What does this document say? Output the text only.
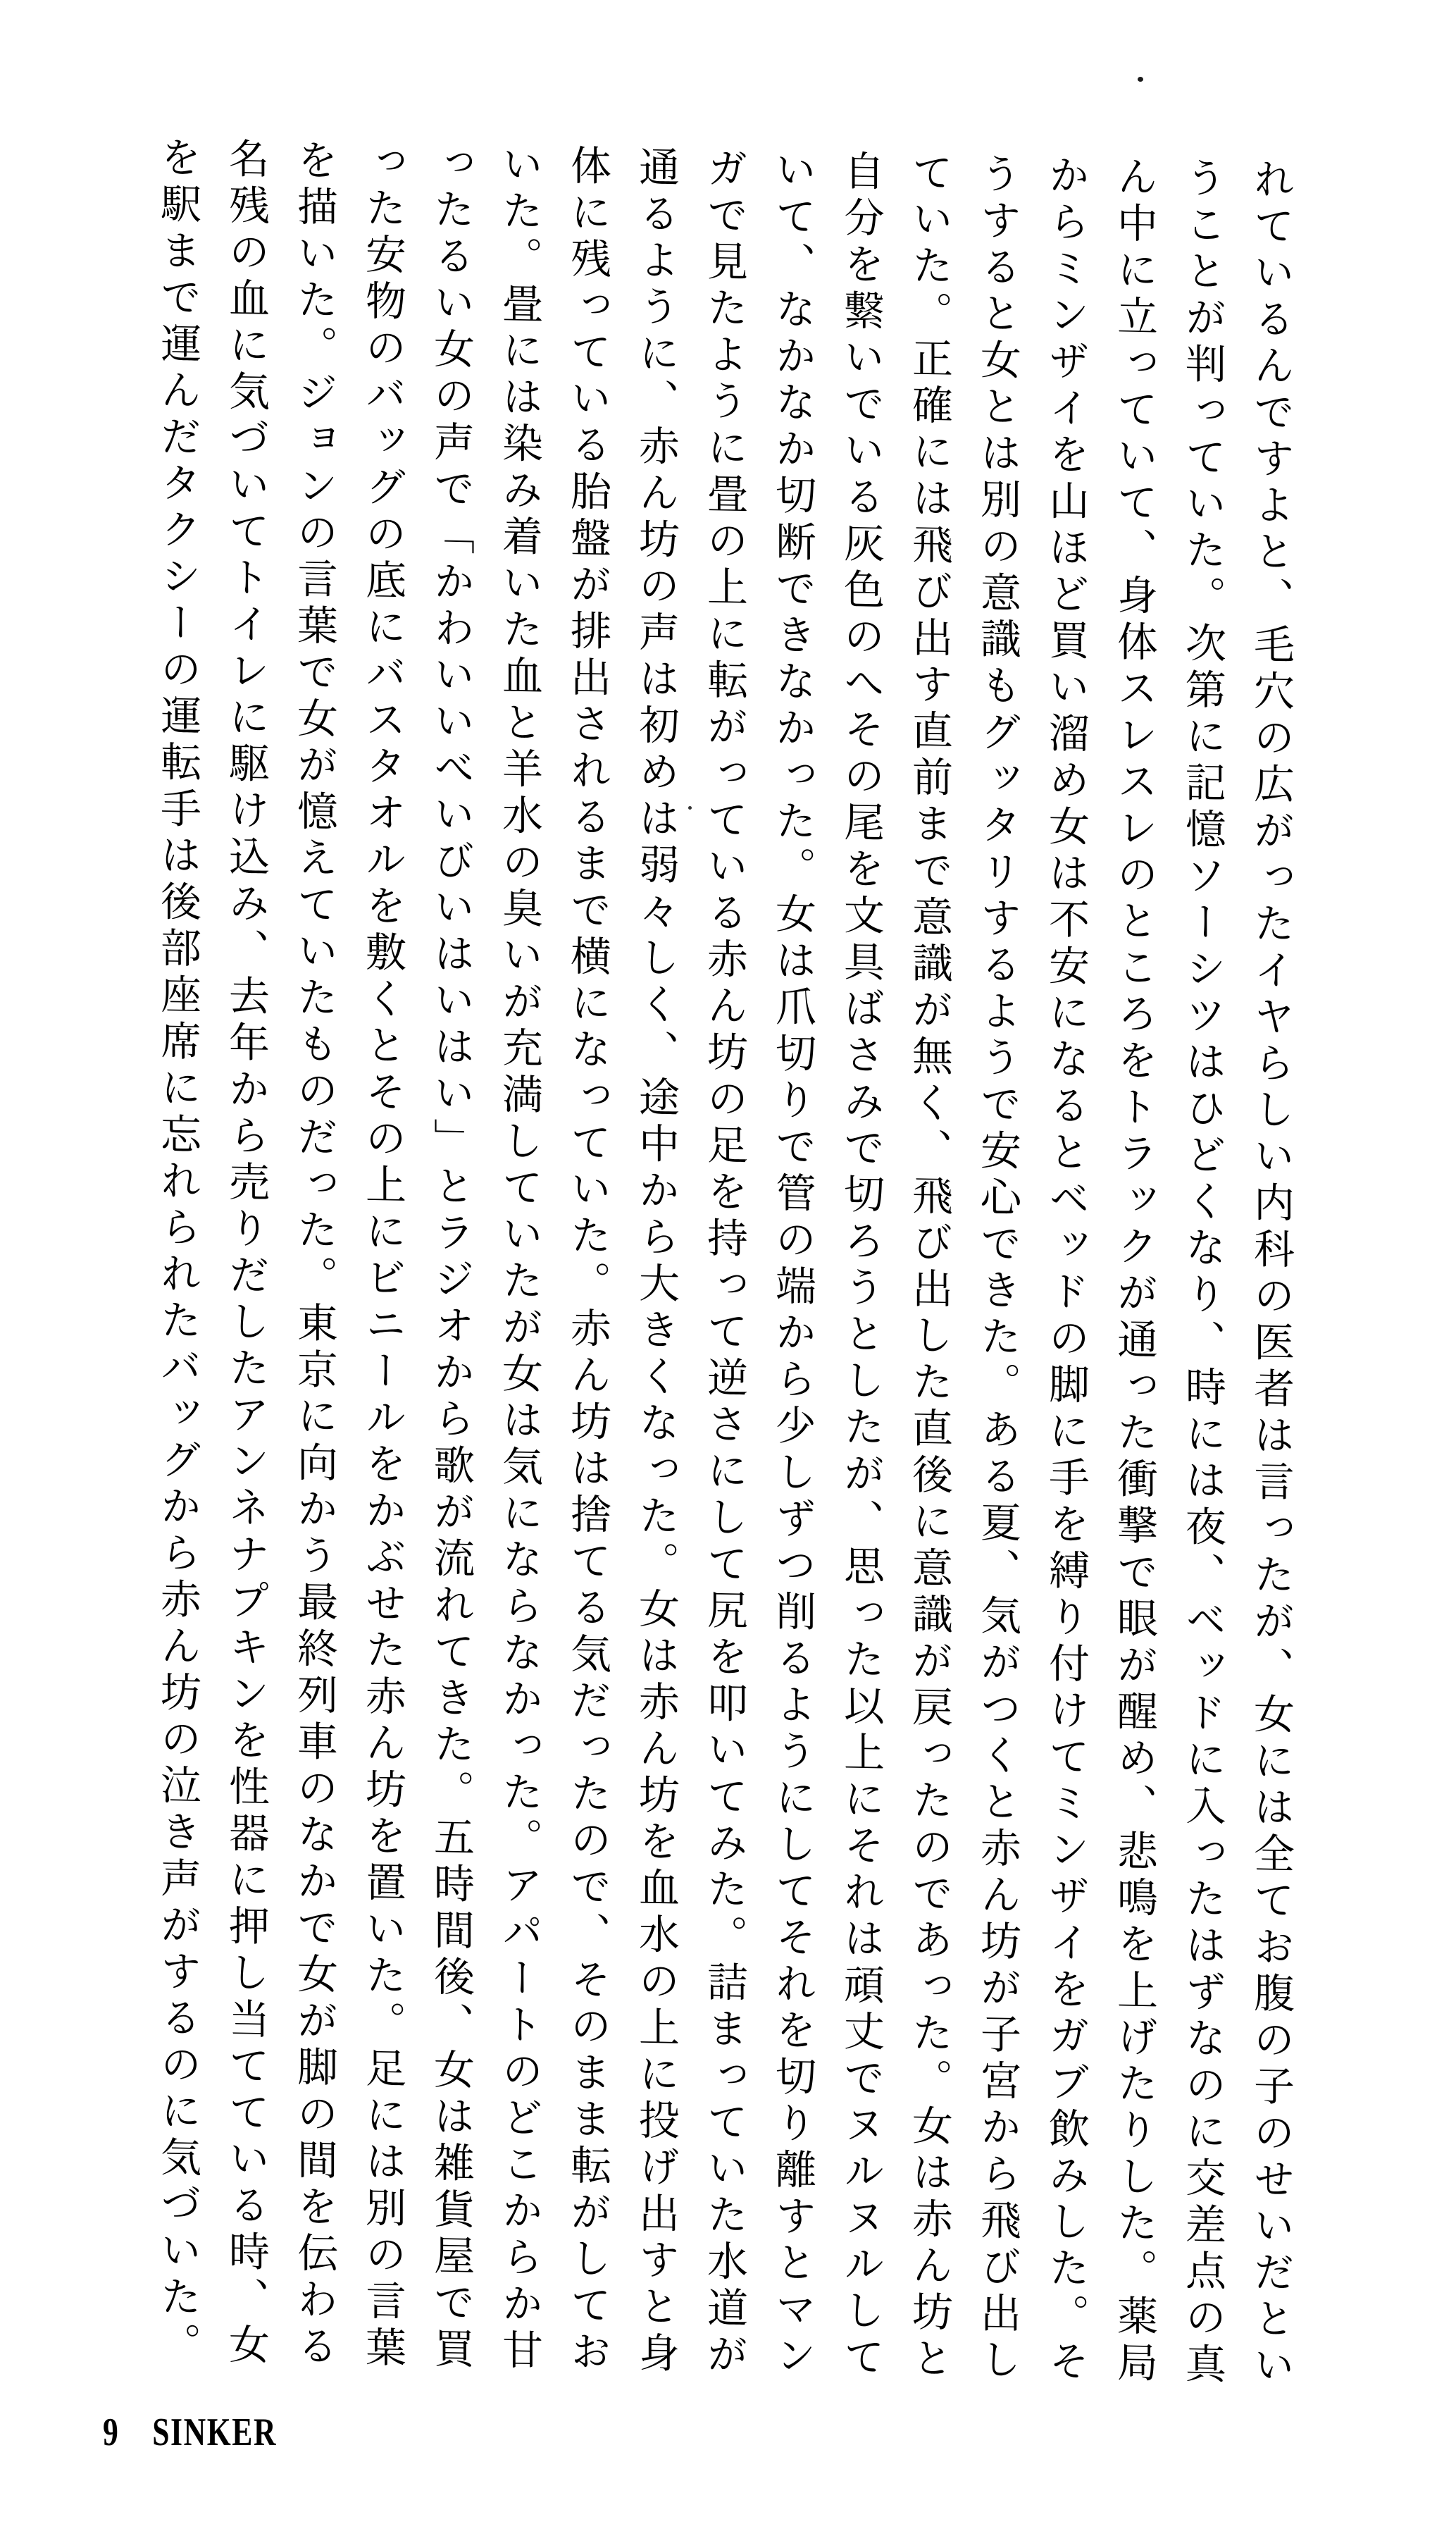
れているんですよと、毛穴の広がったイヤらしい内科の医者は言ったが、女には全てお腹の子のせいだとい

うことが判っていた。次第に記憶ソーシツはひどくなり、時には夜、ベッドに入ったはずなのに交差点の真

ん中に立っていて、身体スレスレのところをトラックが通った衝撃で眼が醒め、悲鳴を上げたりした。薬局

からミンザイを山ほど買い溜め女は不安になるとベッドの脚に手を縛り付けてミンザイをガブ飲みした。そ

うすると女とは別の意識もグッタリするようで安心できた。ある夏、気がつくと赤ん坊が子宮から飛び出し

ていた。正確には飛び出す直前まで意識が無く、飛び出した直後に意識が戻ったのであった。女は赤ん坊と

自分を繋いでいる灰色のへその尾を文具ばさみで切ろうとしたが、思った以上にそれは頑丈でヌルヌルして

いて、なかなか切断できなかった。女は爪切りで管の端から少しずつ削るようにしてそれを切り離すとマン

ガで見たように畳の上に転がっている赤ん坊の足を持って逆さにして尻を叩いてみた。詰まっていた水道が

通るように、赤ん坊の声は初めは弱々しく、途中から大きくなった。女は赤ん坊を血水の上に投げ出すと身

体に残っている胎盤が排出されるまで横になっていた。赤ん坊は捨てる気だったので、そのまま転がしてお

いた。畳には染み着いた血と羊水の臭いが充満していたが女は気にならなかった。アパートのどこからか甘

ったるい女の声で「かわいいべいびいはいはい」とラジオから歌が流れてきた。五時間後、女は雑貨屋で買

った安物のバッグの底にバスタオルを敷くとその上にビニールをかぶせた赤ん坊を置いた。足には別の言葉

を描いた。ジョンの言葉で女が憶えていたものだった。東京に向かう最終列車のなかで女が脚の間を伝わる

名残の血に気づいてトイレに駆け込み、去年から売りだしたアンネナプキンを性器に押し当てている時、女

を駅まで運んだタクシーの運転手は後部座席に忘れられたバッグから赤ん坊の泣き声がするのに気づいた。

9 SINKER
